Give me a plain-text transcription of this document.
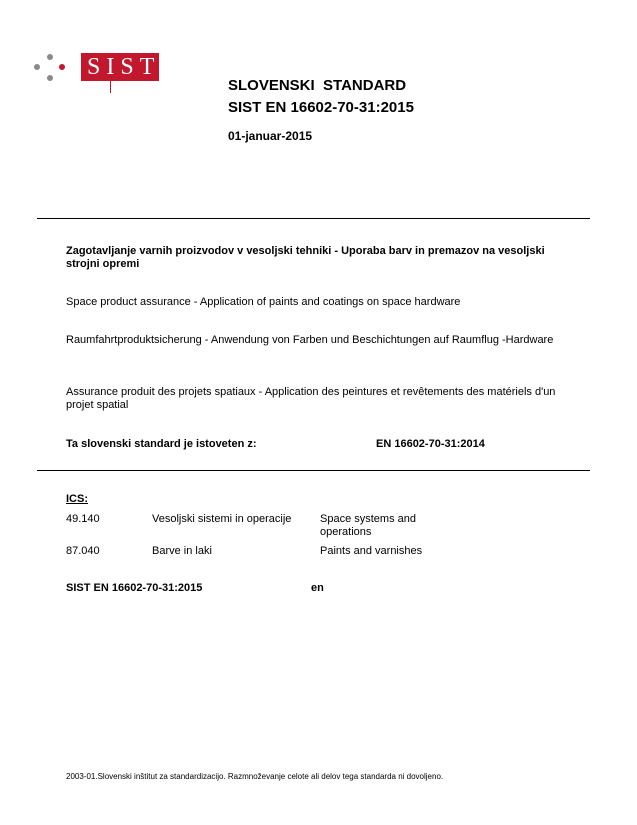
SIST
SLOVENSKI  STANDARD
SIST EN 16602-70-31:2015
01-januar-2015
Zagotavljanje varnih proizvodov v vesoljski tehniki - Uporaba barv in premazov na vesoljski strojni opremi
Space product assurance - Application of paints and coatings on space hardware
Raumfahrtproduktsicherung - Anwendung von Farben und Beschichtungen auf Raumflug -Hardware
Assurance produit des projets spatiaux - Application des peintures et revêtements des matériels d'un projet spatial
Ta slovenski standard je istoveten z:	EN 16602-70-31:2014
ICS:
49.140	Vesoljski sistemi in operacije	Space systems and operations
87.040	Barve in laki	Paints and varnishes
SIST EN 16602-70-31:2015	en
2003-01.Slovenski inštitut za standardizacijo. Razmnoževanje celote ali delov tega standarda ni dovoljeno.
